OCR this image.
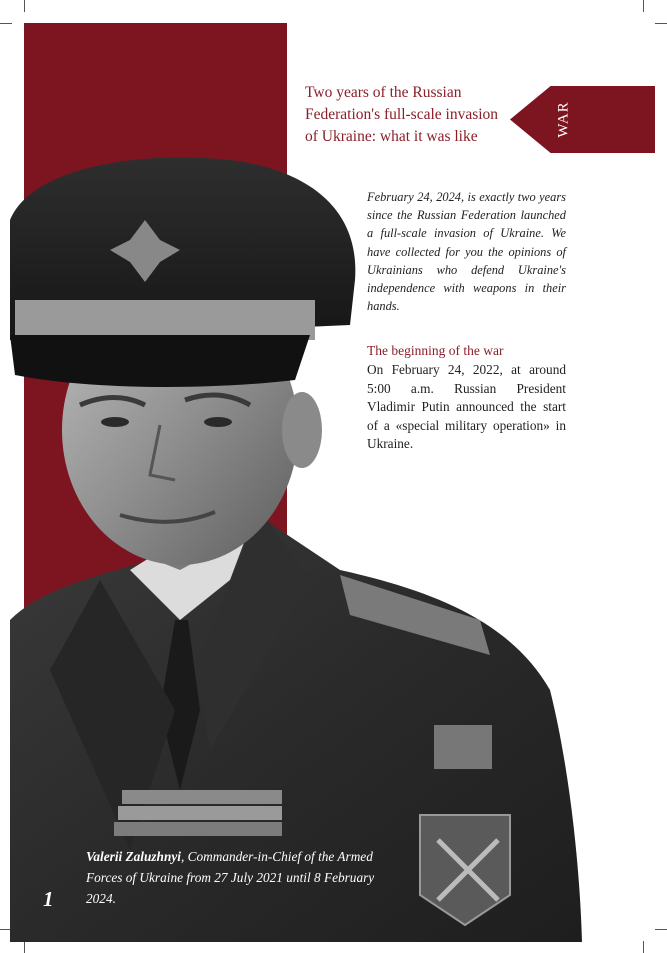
WAR
Two years of the Russian Federation's full-scale invasion of Ukraine: what it was like
February 24, 2024, is exactly two years since the Russian Federation launched a full-scale invasion of Ukraine. We have collected for you the opinions of Ukrainians who defend Ukraine's independence with weapons in their hands.
The beginning of the war
On February 24, 2022, at around 5:00 a.m. Russian President Vladimir Putin announced the start of a «special military operation» in Ukraine.
Valerii Zaluzhnyi, Commander-in-Chief of the Armed Forces of Ukraine from 27 July 2021 until 8 February 2024.
1
